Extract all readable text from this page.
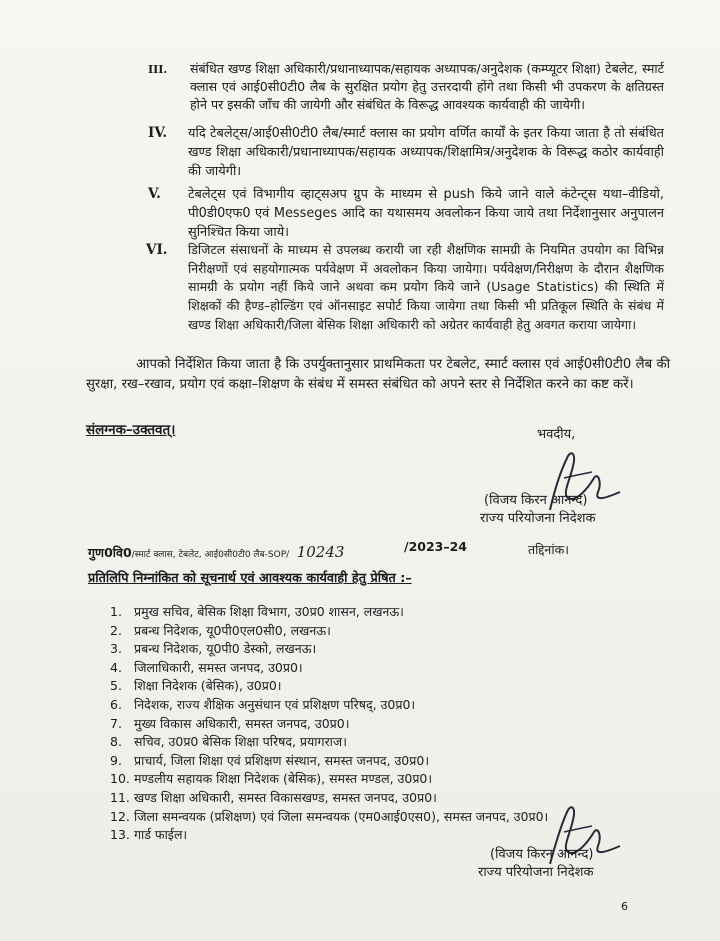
III. संबंधित खण्ड शिक्षा अधिकारी/प्रधानाध्यापक/सहायक अध्यापक/अनुदेशक (कम्प्यूटर शिक्षा) टेबलेट, स्मार्ट क्लास एवं आई0सी0टी0 लैब के सुरक्षित प्रयोग हेतु उत्तरदायी होंगे तथा किसी भी उपकरण के क्षतिग्रस्त होने पर इसकी जाँच की जायेगी और संबंधित के विरूद्ध आवश्यक कार्यवाही की जायेगी।
IV. यदि टेबलेट्स/आई0सी0टी0 लैब/स्मार्ट क्लास का प्रयोग वर्णित कार्यों के इतर किया जाता है तो संबंधित खण्ड शिक्षा अधिकारी/प्रधानाध्यापक/सहायक अध्यापक/शिक्षामित्र/अनुदेशक के विरूद्ध कठोर कार्यवाही की जायेगी।
V. टेबलेट्स एवं विभागीय व्हाट्सअप ग्रुप के माध्यम से push किये जाने वाले कंटेन्ट्स यथा–वीडियो, पी0डी0एफ0 एवं Messeges आदि का यथासमय अवलोकन किया जाये तथा निर्देशानुसार अनुपालन सुनिश्चित किया जाये।
VI. डिजिटल संसाधनों के माध्यम से उपलब्ध करायी जा रही शैक्षणिक सामग्री के नियमित उपयोग का विभिन्न निरीक्षणों एवं सहयोगात्मक पर्यवेक्षण में अवलोकन किया जायेगा। पर्यवेक्षण/निरीक्षण के दौरान शैक्षणिक सामग्री के प्रयोग नहीं किये जाने अथवा कम प्रयोग किये जाने (Usage Statistics) की स्थिति में शिक्षकों की हैण्ड–होल्डिंग एवं ऑनसाइट सपोर्ट किया जायेगा तथा किसी भी प्रतिकूल स्थिति के संबंध में खण्ड शिक्षा अधिकारी/जिला बेसिक शिक्षा अधिकारी को अग्रेतर कार्यवाही हेतु अवगत कराया जायेगा।
आपको निर्देशित किया जाता है कि उपर्युक्तानुसार प्राथमिकता पर टेबलेट, स्मार्ट क्लास एवं आई0सी0टी0 लैब की सुरक्षा, रख–रखाव, प्रयोग एवं कक्षा–शिक्षण के संबंध में समस्त संबंधित को अपने स्तर से निर्देशित करने का कष्ट करें।
संलग्नक–उक्तवत्।	भवदीय,
(विजय किरन आनन्द)
राज्य परियोजना निदेशक
गुण0वि0/स्मार्ट क्लास, टेबलेट, आई0सी0टी0 लैब-SOP/ 10243	/2023–24	तद्दिनांक।
प्रतिलिपि निम्नांकित को सूचनार्थ एवं आवश्यक कार्यवाही हेतु प्रेषित :–
1. प्रमुख सचिव, बेसिक शिक्षा विभाग, उ0प्र0 शासन, लखनऊ।
2. प्रबन्ध निदेशक, यू0पी0एल0सी0, लखनऊ।
3. प्रबन्ध निदेशक, यू0पी0 डेस्को, लखनऊ।
4. जिलाधिकारी, समस्त जनपद, उ0प्र0।
5. शिक्षा निदेशक (बेसिक), उ0प्र0।
6. निदेशक, राज्य शैक्षिक अनुसंधान एवं प्रशिक्षण परिषद्, उ0प्र0।
7. मुख्य विकास अधिकारी, समस्त जनपद, उ0प्र0।
8. सचिव, उ0प्र0 बेसिक शिक्षा परिषद, प्रयागराज।
9. प्राचार्य, जिला शिक्षा एवं प्रशिक्षण संस्थान, समस्त जनपद, उ0प्र0।
10. मण्डलीय सहायक शिक्षा निदेशक (बेसिक), समस्त मण्डल, उ0प्र0।
11. खण्ड शिक्षा अधिकारी, समस्त विकासखण्ड, समस्त जनपद, उ0प्र0।
12. जिला समन्वयक (प्रशिक्षण) एवं जिला समन्वयक (एम0आई0एस0), समस्त जनपद, उ0प्र0।
13. गार्ड फाईल।
(विजय किरन आनन्द)
राज्य परियोजना निदेशक
6
